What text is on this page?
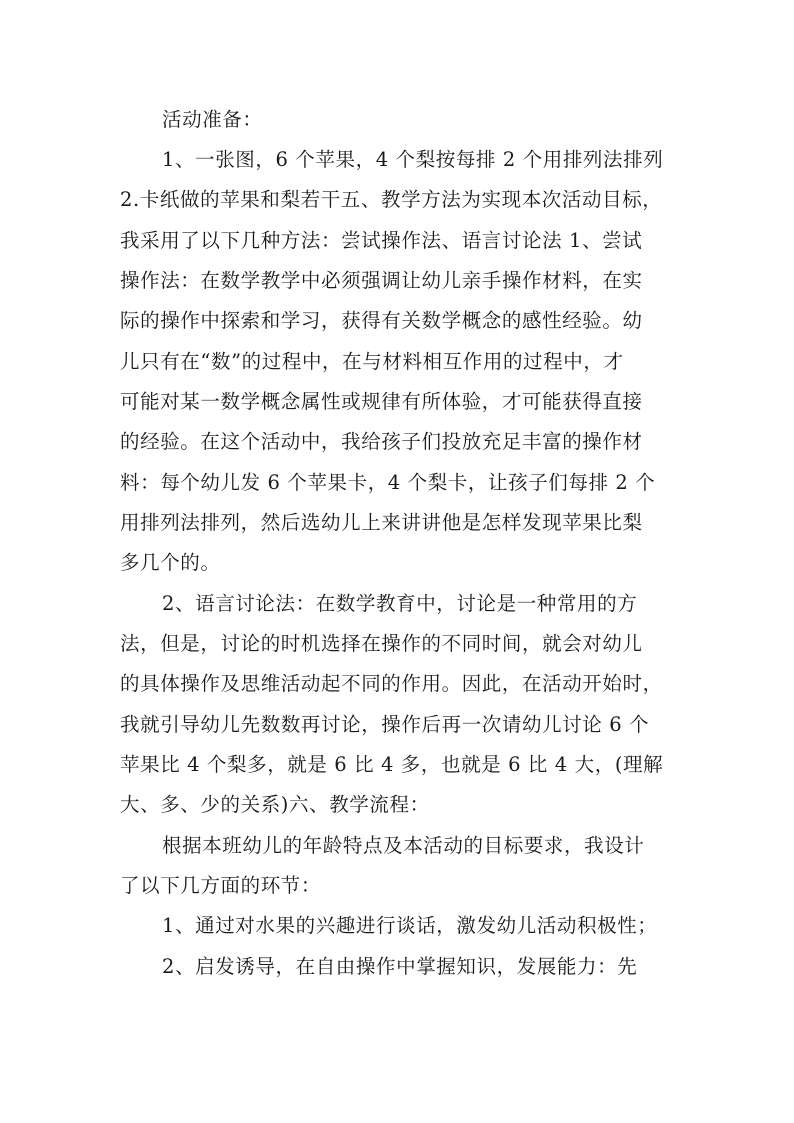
活动准备：
1、一张图，6 个苹果，4 个梨按每排 2 个用排列法排列
2.卡纸做的苹果和梨若干五、教学方法为实现本次活动目标，
我采用了以下几种方法：尝试操作法、语言讨论法 1、尝试
操作法：在数学教学中必须强调让幼儿亲手操作材料，在实
际的操作中探索和学习，获得有关数学概念的感性经验。幼
儿只有在“数”的过程中，在与材料相互作用的过程中，才
可能对某一数学概念属性或规律有所体验，才可能获得直接
的经验。在这个活动中，我给孩子们投放充足丰富的操作材
料：每个幼儿发 6 个苹果卡，4 个梨卡，让孩子们每排 2 个
用排列法排列，然后选幼儿上来讲讲他是怎样发现苹果比梨
多几个的。
2、语言讨论法：在数学教育中，讨论是一种常用的方
法，但是，讨论的时机选择在操作的不同时间，就会对幼儿
的具体操作及思维活动起不同的作用。因此，在活动开始时，
我就引导幼儿先数数再讨论，操作后再一次请幼儿讨论 6 个
苹果比 4 个梨多，就是 6 比 4 多，也就是 6 比 4 大，(理解
大、多、少的关系)六、教学流程：
根据本班幼儿的年龄特点及本活动的目标要求，我设计
了以下几方面的环节：
1、通过对水果的兴趣进行谈话，激发幼儿活动积极性；
2、启发诱导，在自由操作中掌握知识，发展能力：先
